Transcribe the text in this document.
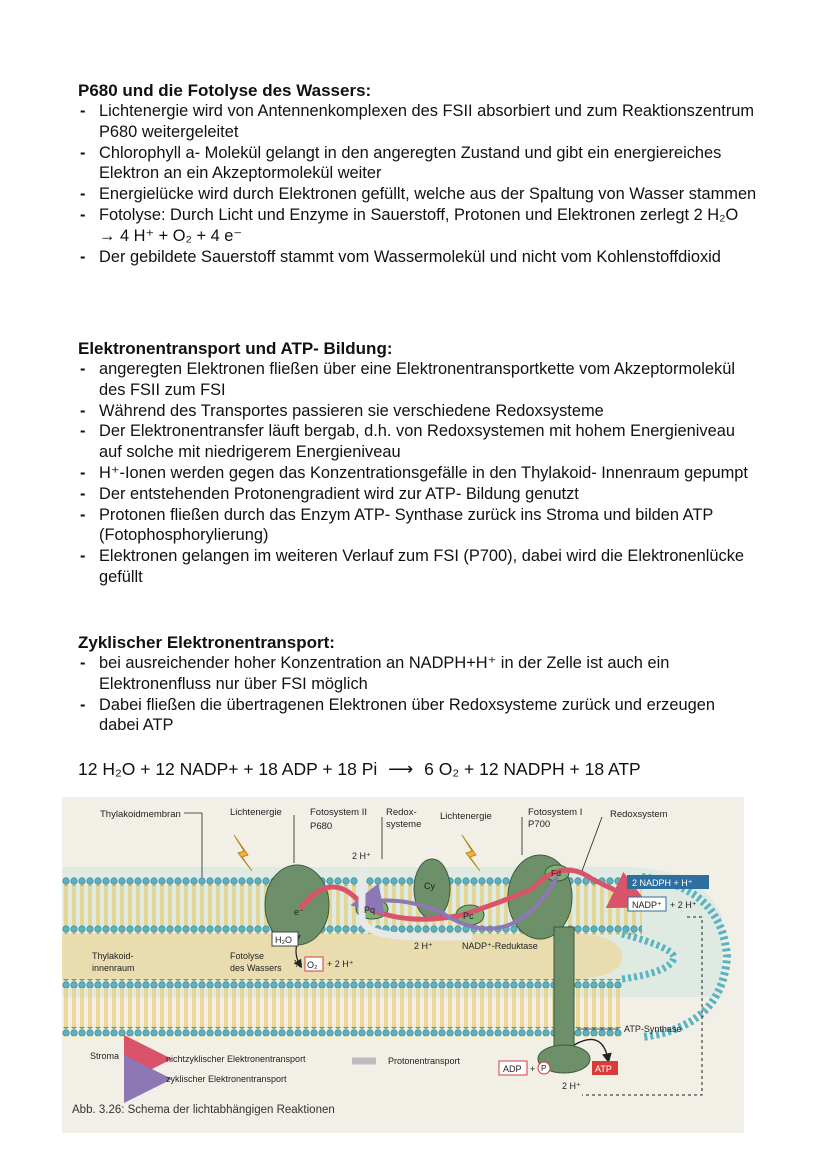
P680 und die Fotolyse des Wassers:

- Lichtenergie wird von Antennenkomplexen des FSII absorbiert und zum Reaktionszentrum P680 weitergeleitet
- Chlorophyll a- Molekül gelangt in den angeregten Zustand und gibt ein energiereiches Elektron an ein Akzeptormolekül weiter
- Energielücke wird durch Elektronen gefüllt, welche aus der Spaltung von Wasser stammen
- Fotolyse: Durch Licht und Enzyme in Sauerstoff, Protonen und Elektronen zerlegt 2 H₂O → 4 H⁺ + O₂ + 4 e⁻
- Der gebildete Sauerstoff stammt vom Wassermolekül und nicht vom Kohlenstoffdioxid

Elektronentransport und ATP- Bildung:

- angeregten Elektronen fließen über eine Elektronentransportkette vom Akzeptormolekül des FSII zum FSI
- Während des Transportes passieren sie verschiedene Redoxsysteme
- Der Elektronentransfer läuft bergab, d.h. von Redoxsystemen mit hohem Energieniveau auf solche mit niedrigerem Energieniveau
- H⁺-Ionen werden gegen das Konzentrationsgefälle in den Thylakoid- Innenraum gepumpt
- Der entstehenden Protonengradient wird zur ATP- Bildung genutzt
- Protonen fließen durch das Enzym ATP- Synthase zurück ins Stroma und bilden ATP (Fotophosphorylierung)
- Elektronen gelangen im weiteren Verlauf zum FSI (P700), dabei wird die Elektronenlücke gefüllt

Zyklischer Elektronentransport:

- bei ausreichender hoher Konzentration an NADPH+H⁺ in der Zelle ist auch ein Elektronenfluss nur über FSI möglich
- Dabei fließen die übertragenen Elektronen über Redoxsysteme zurück und erzeugen dabei ATP
12 H₂O + 12 NADP+ + 18 ADP + 18 Pi ⟶ 6 O₂ + 12 NADPH + 18 ATP
Thylakoidmembran	Lichtenergie	Fotosystem II
P680
Redox-
systeme
Lichtenergie	Fotosystem I
P700
Redoxsystem
2 H⁺
Cy
Pq
Pc
Fd
e⁻
2 NADPH + H⁺
NADP⁺ + 2 H⁺
H₂O
2 H⁺	NADP⁺-Reduktase
Thylakoid-
innenraum
Fotolyse
des Wassers ½ O₂ + 2 H⁺
ATP-Synthase
Stroma	nichtzyklischer Elektronentransport
zyklischer Elektronentransport
Protonentransport
ADP + P	ATP
2 H⁺
Abb. 3.26: Schema der lichtabhängigen Reaktionen
